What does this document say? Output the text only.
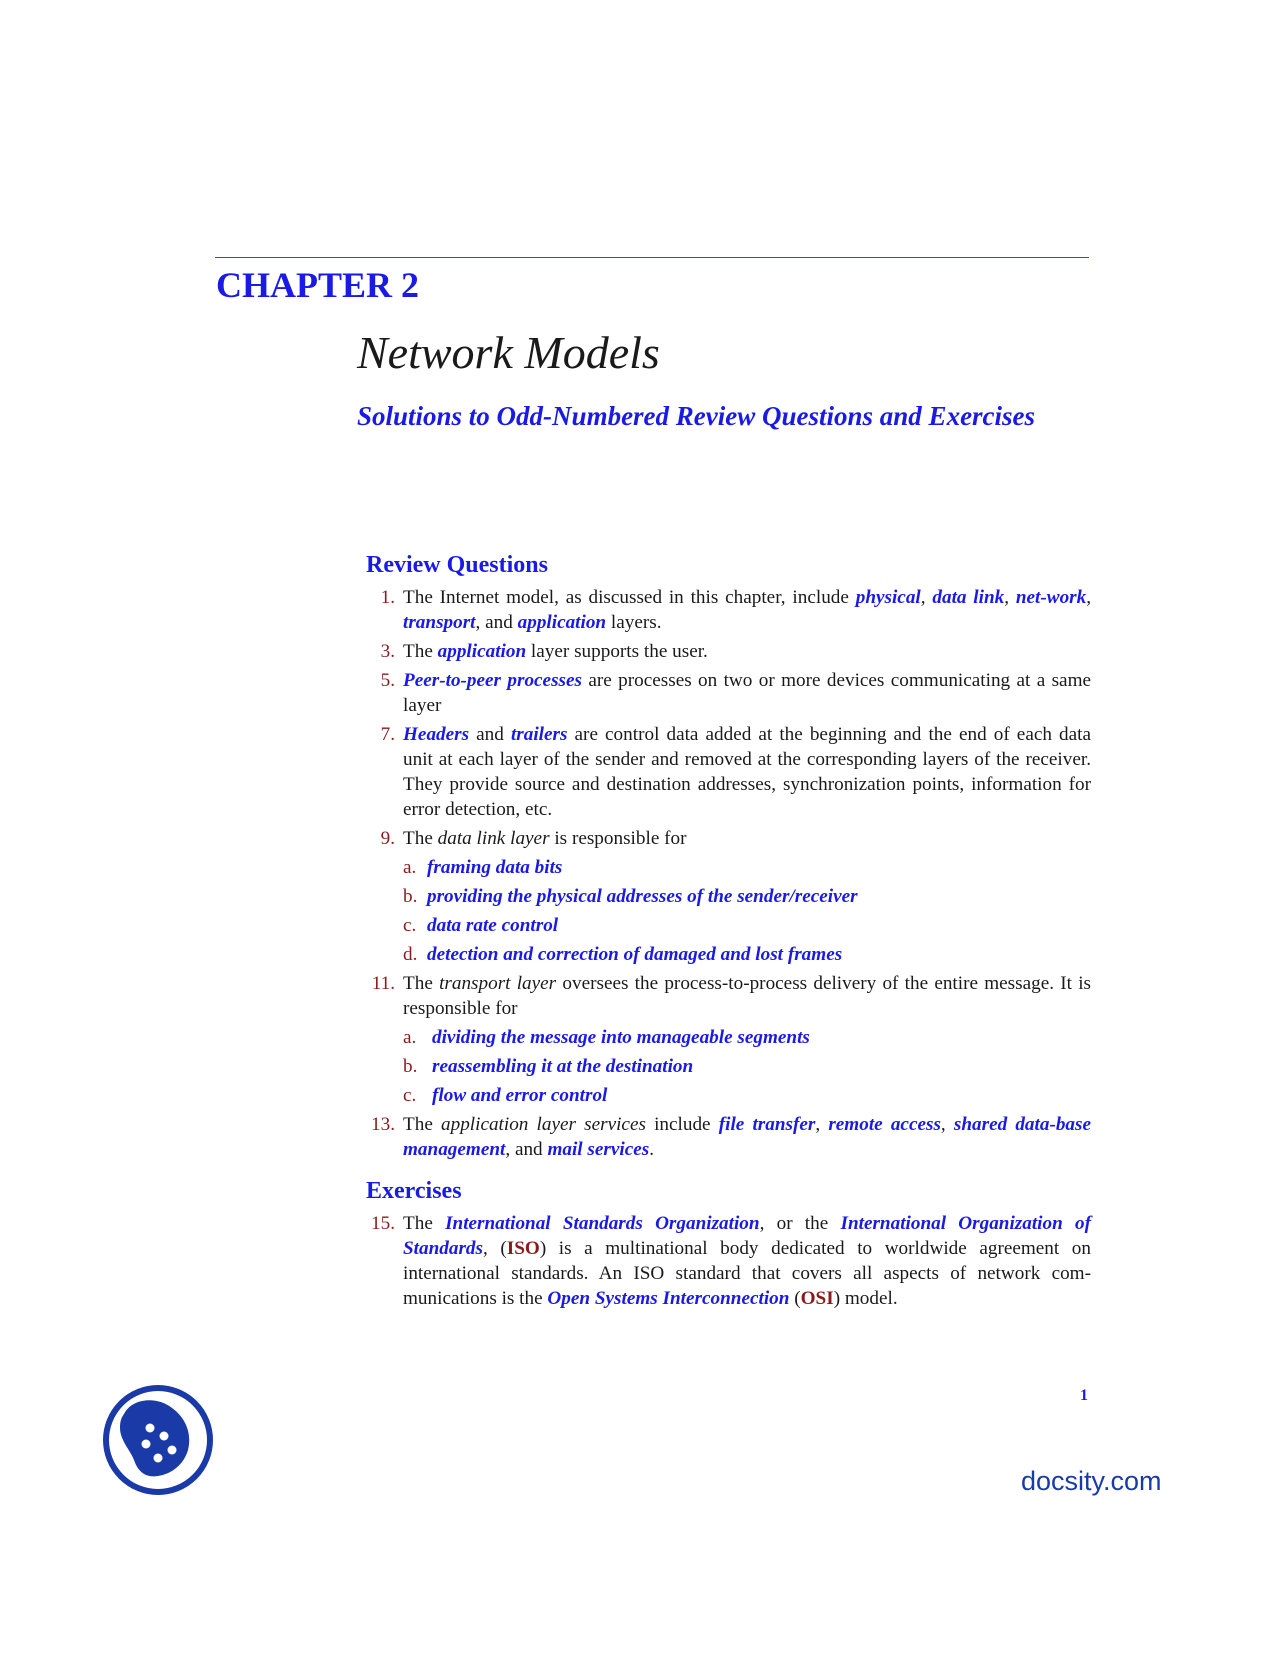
CHAPTER 2
Network Models
Solutions to Odd-Numbered Review Questions and Exercises
Review Questions
1. The Internet model, as discussed in this chapter, include physical, data link, net-work, transport, and application layers.
3. The application layer supports the user.
5. Peer-to-peer processes are processes on two or more devices communicating at a same layer
7. Headers and trailers are control data added at the beginning and the end of each data unit at each layer of the sender and removed at the corresponding layers of the receiver. They provide source and destination addresses, synchronization points, information for error detection, etc.
9. The data link layer is responsible for
a. framing data bits
b. providing the physical addresses of the sender/receiver
c. data rate control
d. detection and correction of damaged and lost frames
11. The transport layer oversees the process-to-process delivery of the entire message. It is responsible for
a. dividing the message into manageable segments
b. reassembling it at the destination
c. flow and error control
13. The application layer services include file transfer, remote access, shared data-base management, and mail services.
Exercises
15. The International Standards Organization, or the International Organization of Standards, (ISO) is a multinational body dedicated to worldwide agreement on international standards. An ISO standard that covers all aspects of network com-munications is the Open Systems Interconnection (OSI) model.
1
docsity.com
